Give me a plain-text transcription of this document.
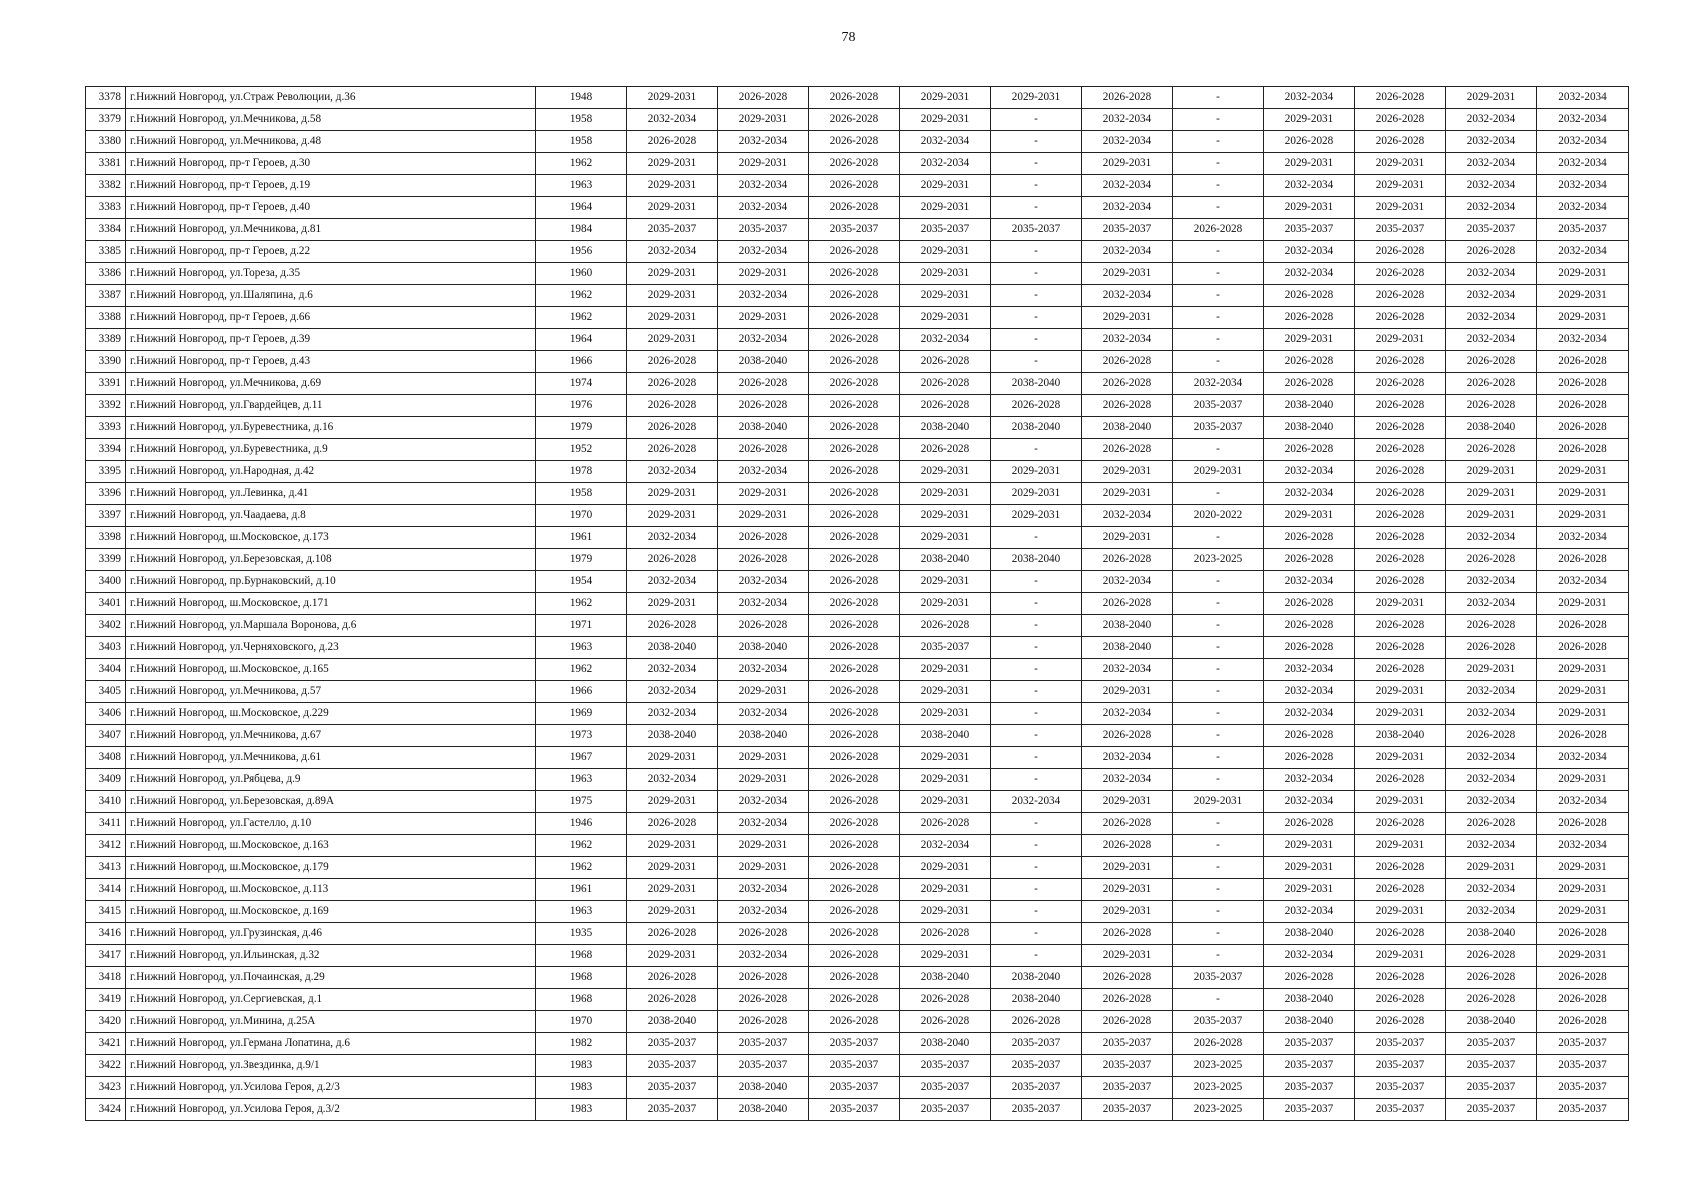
78
3378	г.Нижний Новгород, ул.Страж Революции, д.36	1948	2029-2031	2026-2028	2026-2028	2029-2031	2029-2031	2026-2028	-	2032-2034	2026-2028	2029-2031	2032-2034
3379	г.Нижний Новгород, ул.Мечникова, д.58	1958	2032-2034	2029-2031	2026-2028	2029-2031	-	2032-2034	-	2029-2031	2026-2028	2032-2034	2032-2034
3380	г.Нижний Новгород, ул.Мечникова, д.48	1958	2026-2028	2032-2034	2026-2028	2032-2034	-	2032-2034	-	2026-2028	2026-2028	2032-2034	2032-2034
3381	г.Нижний Новгород, пр-т Героев, д.30	1962	2029-2031	2029-2031	2026-2028	2032-2034	-	2029-2031	-	2029-2031	2029-2031	2032-2034	2032-2034
3382	г.Нижний Новгород, пр-т Героев, д.19	1963	2029-2031	2032-2034	2026-2028	2029-2031	-	2032-2034	-	2032-2034	2029-2031	2032-2034	2032-2034
3383	г.Нижний Новгород, пр-т Героев, д.40	1964	2029-2031	2032-2034	2026-2028	2029-2031	-	2032-2034	-	2029-2031	2029-2031	2032-2034	2032-2034
3384	г.Нижний Новгород, ул.Мечникова, д.81	1984	2035-2037	2035-2037	2035-2037	2035-2037	2035-2037	2035-2037	2026-2028	2035-2037	2035-2037	2035-2037	2035-2037
3385	г.Нижний Новгород, пр-т Героев, д.22	1956	2032-2034	2032-2034	2026-2028	2029-2031	-	2032-2034	-	2032-2034	2026-2028	2026-2028	2032-2034
3386	г.Нижний Новгород, ул.Тореза, д.35	1960	2029-2031	2029-2031	2026-2028	2029-2031	-	2029-2031	-	2032-2034	2026-2028	2032-2034	2029-2031
3387	г.Нижний Новгород, ул.Шаляпина, д.6	1962	2029-2031	2032-2034	2026-2028	2029-2031	-	2032-2034	-	2026-2028	2026-2028	2032-2034	2029-2031
3388	г.Нижний Новгород, пр-т Героев, д.66	1962	2029-2031	2029-2031	2026-2028	2029-2031	-	2029-2031	-	2026-2028	2026-2028	2032-2034	2029-2031
3389	г.Нижний Новгород, пр-т Героев, д.39	1964	2029-2031	2032-2034	2026-2028	2032-2034	-	2032-2034	-	2029-2031	2029-2031	2032-2034	2032-2034
3390	г.Нижний Новгород, пр-т Героев, д.43	1966	2026-2028	2038-2040	2026-2028	2026-2028	-	2026-2028	-	2026-2028	2026-2028	2026-2028	2026-2028
3391	г.Нижний Новгород, ул.Мечникова, д.69	1974	2026-2028	2026-2028	2026-2028	2026-2028	2038-2040	2026-2028	2032-2034	2026-2028	2026-2028	2026-2028	2026-2028
3392	г.Нижний Новгород, ул.Гвардейцев, д.11	1976	2026-2028	2026-2028	2026-2028	2026-2028	2026-2028	2026-2028	2035-2037	2038-2040	2026-2028	2026-2028	2026-2028
3393	г.Нижний Новгород, ул.Буревестника, д.16	1979	2026-2028	2038-2040	2026-2028	2038-2040	2038-2040	2038-2040	2035-2037	2038-2040	2026-2028	2038-2040	2026-2028
3394	г.Нижний Новгород, ул.Буревестника, д.9	1952	2026-2028	2026-2028	2026-2028	2026-2028	-	2026-2028	-	2026-2028	2026-2028	2026-2028	2026-2028
3395	г.Нижний Новгород, ул.Народная, д.42	1978	2032-2034	2032-2034	2026-2028	2029-2031	2029-2031	2029-2031	2029-2031	2032-2034	2026-2028	2029-2031	2029-2031
3396	г.Нижний Новгород, ул.Левинка, д.41	1958	2029-2031	2029-2031	2026-2028	2029-2031	2029-2031	2029-2031	-	2032-2034	2026-2028	2029-2031	2029-2031
3397	г.Нижний Новгород, ул.Чаадаева, д.8	1970	2029-2031	2029-2031	2026-2028	2029-2031	2029-2031	2032-2034	2020-2022	2029-2031	2026-2028	2029-2031	2029-2031
3398	г.Нижний Новгород, ш.Московское, д.173	1961	2032-2034	2026-2028	2026-2028	2029-2031	-	2029-2031	-	2026-2028	2026-2028	2032-2034	2032-2034
3399	г.Нижний Новгород, ул.Березовская, д.108	1979	2026-2028	2026-2028	2026-2028	2038-2040	2038-2040	2026-2028	2023-2025	2026-2028	2026-2028	2026-2028	2026-2028
3400	г.Нижний Новгород, пр.Бурнаковский, д.10	1954	2032-2034	2032-2034	2026-2028	2029-2031	-	2032-2034	-	2032-2034	2026-2028	2032-2034	2032-2034
3401	г.Нижний Новгород, ш.Московское, д.171	1962	2029-2031	2032-2034	2026-2028	2029-2031	-	2026-2028	-	2026-2028	2029-2031	2032-2034	2029-2031
3402	г.Нижний Новгород, ул.Маршала Воронова, д.6	1971	2026-2028	2026-2028	2026-2028	2026-2028	-	2038-2040	-	2026-2028	2026-2028	2026-2028	2026-2028
3403	г.Нижний Новгород, ул.Черняховского, д.23	1963	2038-2040	2038-2040	2026-2028	2035-2037	-	2038-2040	-	2026-2028	2026-2028	2026-2028	2026-2028
3404	г.Нижний Новгород, ш.Московское, д.165	1962	2032-2034	2032-2034	2026-2028	2029-2031	-	2032-2034	-	2032-2034	2026-2028	2029-2031	2029-2031
3405	г.Нижний Новгород, ул.Мечникова, д.57	1966	2032-2034	2029-2031	2026-2028	2029-2031	-	2029-2031	-	2032-2034	2029-2031	2032-2034	2029-2031
3406	г.Нижний Новгород, ш.Московское, д.229	1969	2032-2034	2032-2034	2026-2028	2029-2031	-	2032-2034	-	2032-2034	2029-2031	2032-2034	2029-2031
3407	г.Нижний Новгород, ул.Мечникова, д.67	1973	2038-2040	2038-2040	2026-2028	2038-2040	-	2026-2028	-	2026-2028	2038-2040	2026-2028	2026-2028
3408	г.Нижний Новгород, ул.Мечникова, д.61	1967	2029-2031	2029-2031	2026-2028	2029-2031	-	2032-2034	-	2026-2028	2029-2031	2032-2034	2032-2034
3409	г.Нижний Новгород, ул.Рябцева, д.9	1963	2032-2034	2029-2031	2026-2028	2029-2031	-	2032-2034	-	2032-2034	2026-2028	2032-2034	2029-2031
3410	г.Нижний Новгород, ул.Березовская, д.89А	1975	2029-2031	2032-2034	2026-2028	2029-2031	2032-2034	2029-2031	2029-2031	2032-2034	2029-2031	2032-2034	2032-2034
3411	г.Нижний Новгород, ул.Гастелло, д.10	1946	2026-2028	2032-2034	2026-2028	2026-2028	-	2026-2028	-	2026-2028	2026-2028	2026-2028	2026-2028
3412	г.Нижний Новгород, ш.Московское, д.163	1962	2029-2031	2029-2031	2026-2028	2032-2034	-	2026-2028	-	2029-2031	2029-2031	2032-2034	2032-2034
3413	г.Нижний Новгород, ш.Московское, д.179	1962	2029-2031	2029-2031	2026-2028	2029-2031	-	2029-2031	-	2029-2031	2026-2028	2029-2031	2029-2031
3414	г.Нижний Новгород, ш.Московское, д.113	1961	2029-2031	2032-2034	2026-2028	2029-2031	-	2029-2031	-	2029-2031	2026-2028	2032-2034	2029-2031
3415	г.Нижний Новгород, ш.Московское, д.169	1963	2029-2031	2032-2034	2026-2028	2029-2031	-	2029-2031	-	2032-2034	2029-2031	2032-2034	2029-2031
3416	г.Нижний Новгород, ул.Грузинская, д.46	1935	2026-2028	2026-2028	2026-2028	2026-2028	-	2026-2028	-	2038-2040	2026-2028	2038-2040	2026-2028
3417	г.Нижний Новгород, ул.Ильинская, д.32	1968	2029-2031	2032-2034	2026-2028	2029-2031	-	2029-2031	-	2032-2034	2029-2031	2026-2028	2029-2031
3418	г.Нижний Новгород, ул.Почаинская, д.29	1968	2026-2028	2026-2028	2026-2028	2038-2040	2038-2040	2026-2028	2035-2037	2026-2028	2026-2028	2026-2028	2026-2028
3419	г.Нижний Новгород, ул.Сергиевская, д.1	1968	2026-2028	2026-2028	2026-2028	2026-2028	2038-2040	2026-2028	-	2038-2040	2026-2028	2026-2028	2026-2028
3420	г.Нижний Новгород, ул.Минина, д.25А	1970	2038-2040	2026-2028	2026-2028	2026-2028	2026-2028	2026-2028	2035-2037	2038-2040	2026-2028	2038-2040	2026-2028
3421	г.Нижний Новгород, ул.Германа Лопатина, д.6	1982	2035-2037	2035-2037	2035-2037	2038-2040	2035-2037	2035-2037	2026-2028	2035-2037	2035-2037	2035-2037	2035-2037
3422	г.Нижний Новгород, ул.Звездинка, д.9/1	1983	2035-2037	2035-2037	2035-2037	2035-2037	2035-2037	2035-2037	2023-2025	2035-2037	2035-2037	2035-2037	2035-2037
3423	г.Нижний Новгород, ул.Усилова Героя, д.2/3	1983	2035-2037	2038-2040	2035-2037	2035-2037	2035-2037	2035-2037	2023-2025	2035-2037	2035-2037	2035-2037	2035-2037
3424	г.Нижний Новгород, ул.Усилова Героя, д.3/2	1983	2035-2037	2038-2040	2035-2037	2035-2037	2035-2037	2035-2037	2023-2025	2035-2037	2035-2037	2035-2037	2035-2037
